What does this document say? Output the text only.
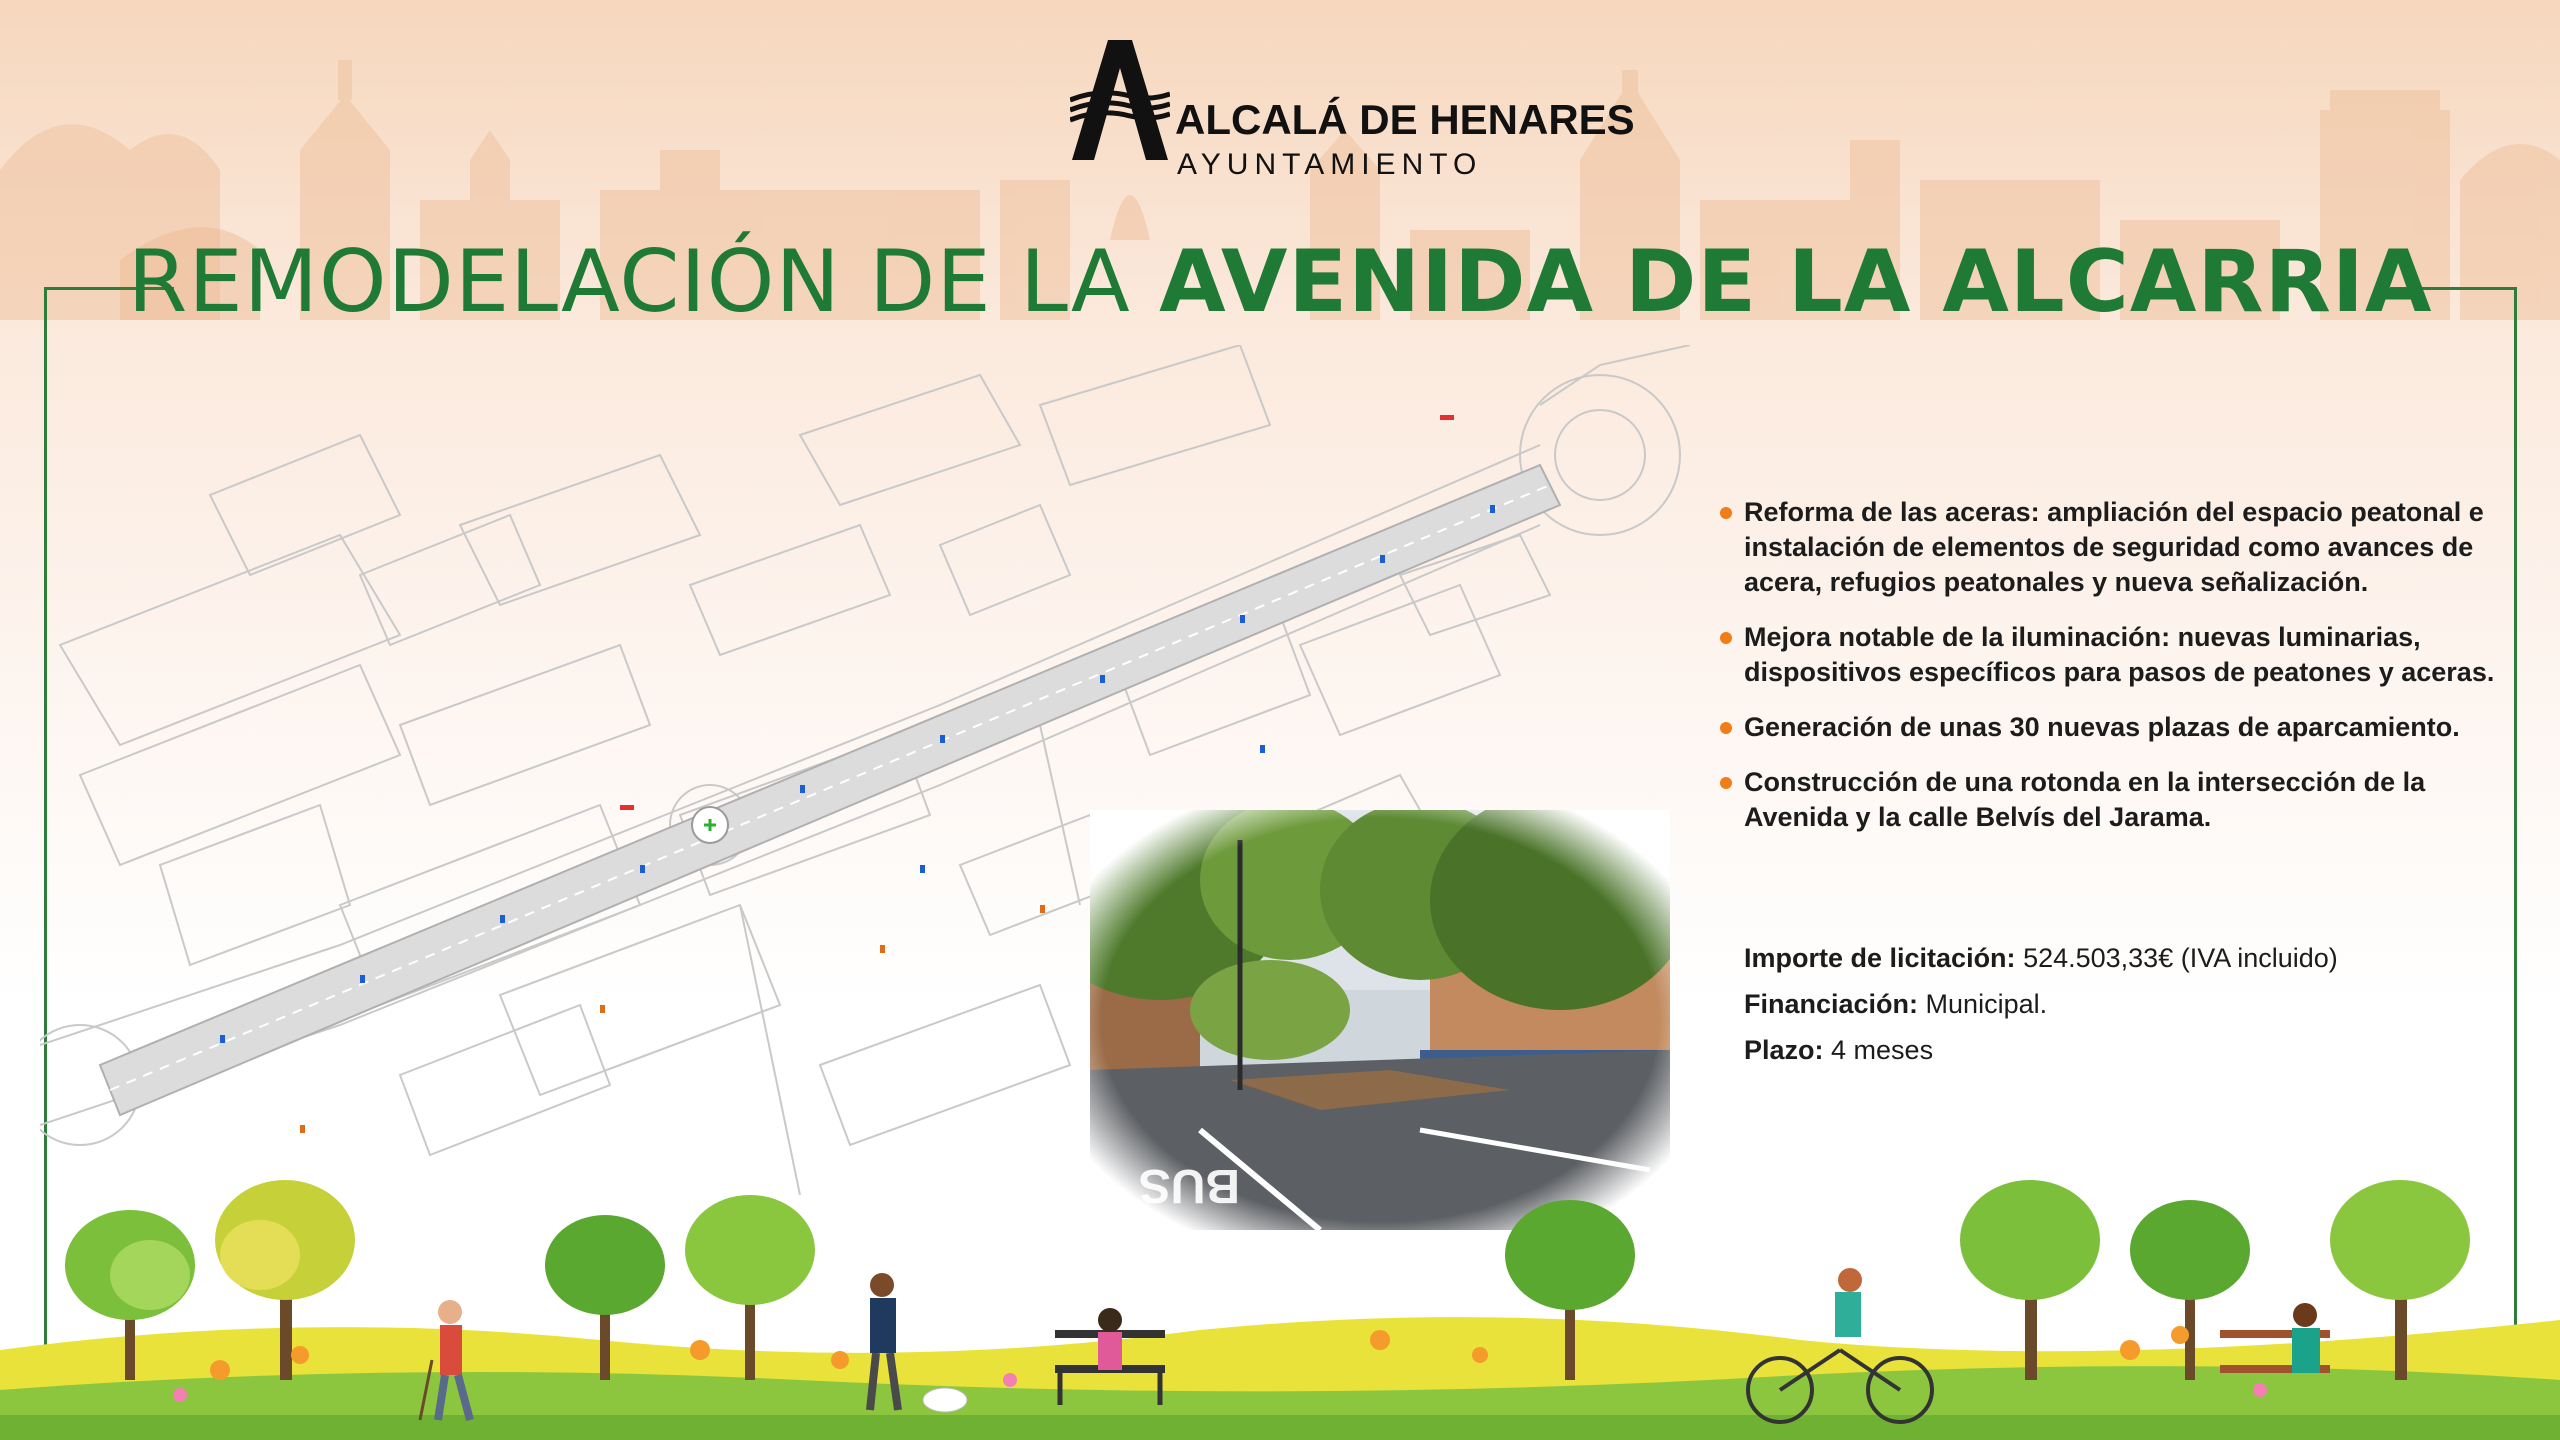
ALCALÁ DE HENARES
AYUNTAMIENTO
REMODELACIÓN DE LA AVENIDA DE LA ALCARRIA
Reforma de las aceras: ampliación del espacio peatonal e instalación de elementos de seguridad como avances de acera, refugios peatonales y nueva señalización.
Mejora notable de la iluminación: nuevas luminarias, dispositivos específicos para pasos de peatones y aceras.
Generación de unas 30 nuevas plazas de aparcamiento.
Construcción de una rotonda en la intersección de la Avenida y la calle Belvís del Jarama.
Importe de licitación: 524.503,33€ (IVA incluido)
Financiación: Municipal.
Plazo: 4 meses
